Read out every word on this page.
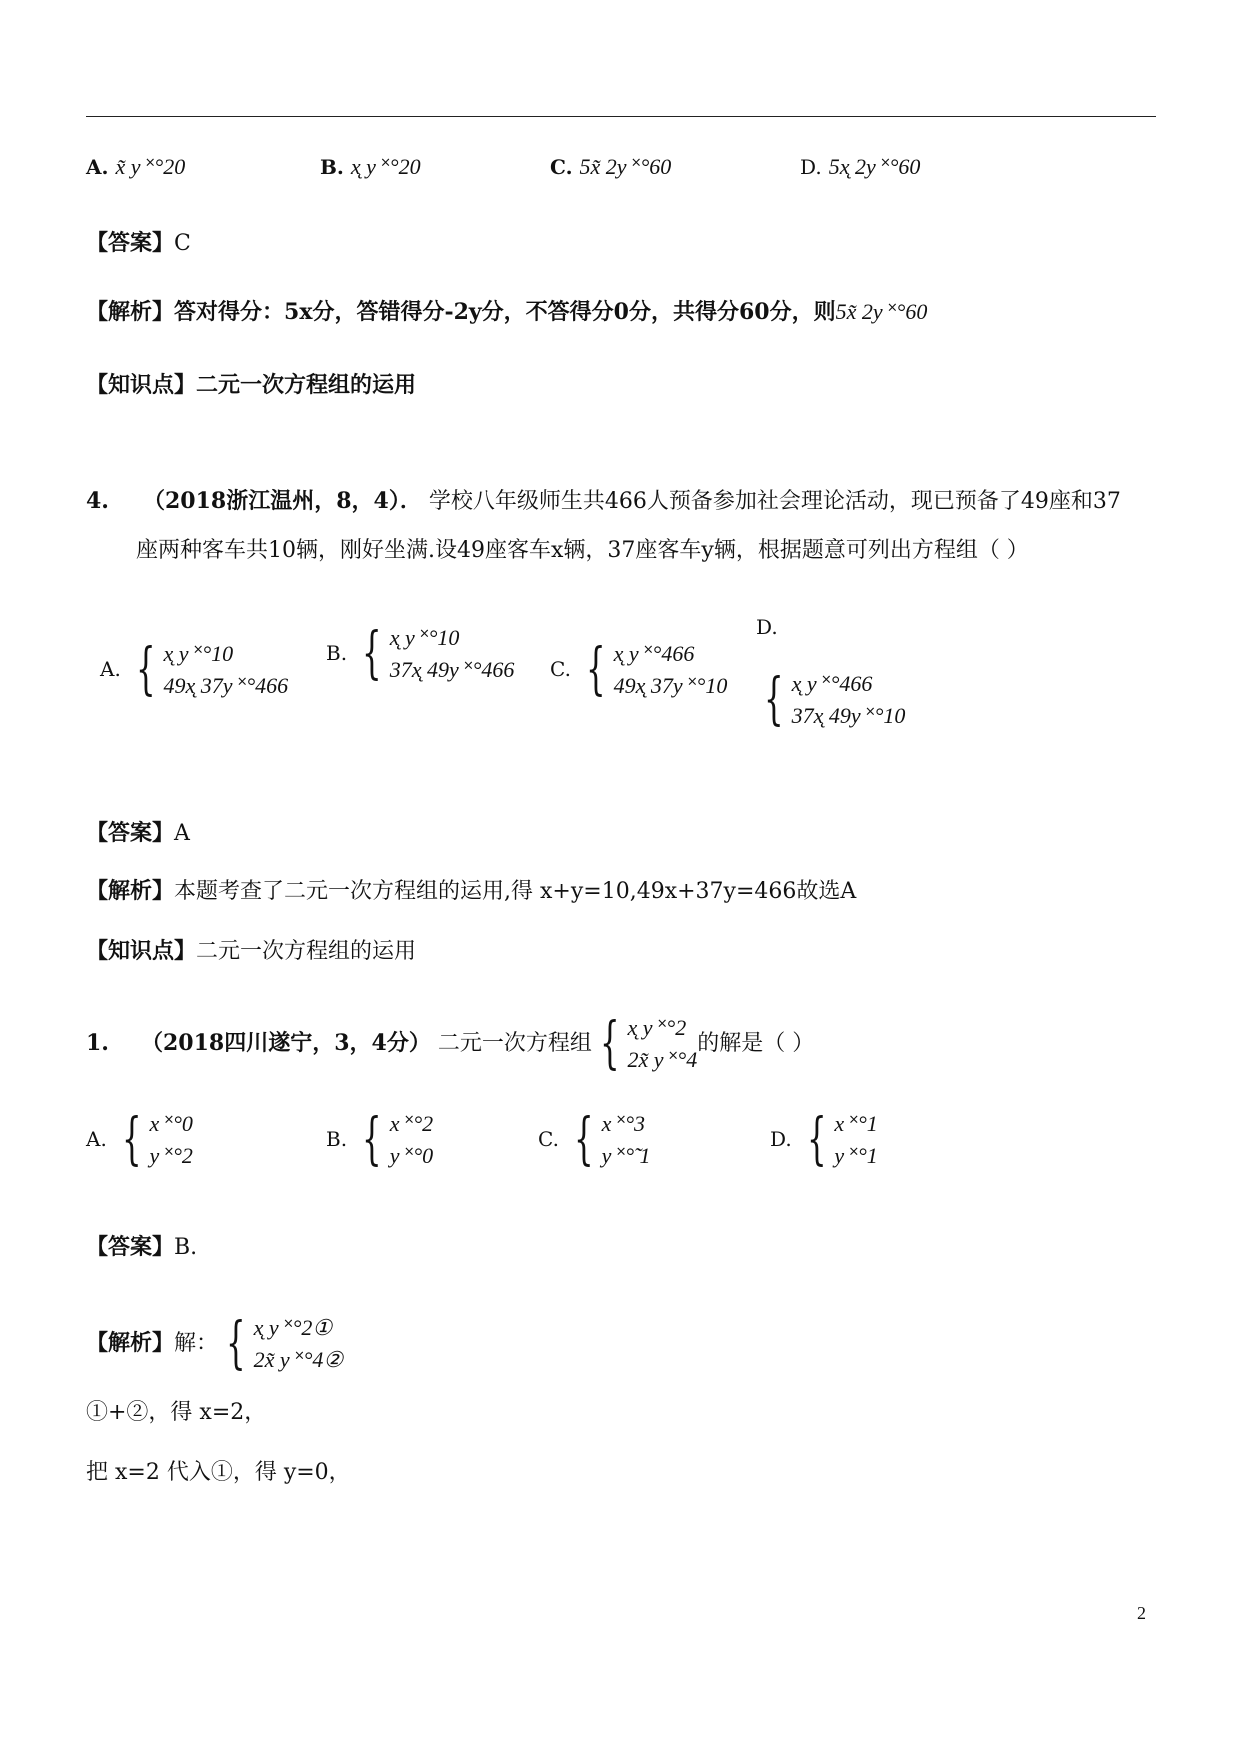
A. x̃ y ˟°20	B. x̨ y ˟°20	C. 5x̃ 2y ˟°60	D. 5x̨ 2y ˟°60
【答案】C
【解析】答对得分：5x分，答错得分-2y分，不答得分0分，共得分60分，则5x̃ 2y ˟°60
【知识点】二元一次方程组的运用
4. （2018浙江温州，8，4）． 学校八年级师生共466人预备参加社会理论活动，现已预备了49座和37
座两种客车共10辆，刚好坐满.设49座客车x辆，37座客车y辆，根据题意可列出方程组（ ）
A. { x̨ y ˟°10
49x̨ 37y ˟°466
B. { x̨ y ˟°10
37x̨ 49y ˟°466 C. { x̨ y ˟°466
49x̨ 37y ˟°10
D.
{ x̨ y ˟°466
37x̨ 49y ˟°10
【答案】A
【解析】本题考查了二元一次方程组的运用,得 x+y=10,49x+37y=466故选A
【知识点】二元一次方程组的运用
1. （2018四川遂宁，3，4分） 二元一次方程组 { x̨ y ˟°2
2x̃ y ˟°4
的解是（ ）
A. { x ˟°0
y ˟°2
B. { x ˟°2
y ˟°0
C. { x ˟°3
y ˟°̃ 1
D. { x ˟°1
y ˟°1
【答案】B.
【解析】解： { x̨ y ˟°2①
2x̃ y ˟°4②
①+②，得 x=2，
把 x=2 代入①，得 y=0，
2
